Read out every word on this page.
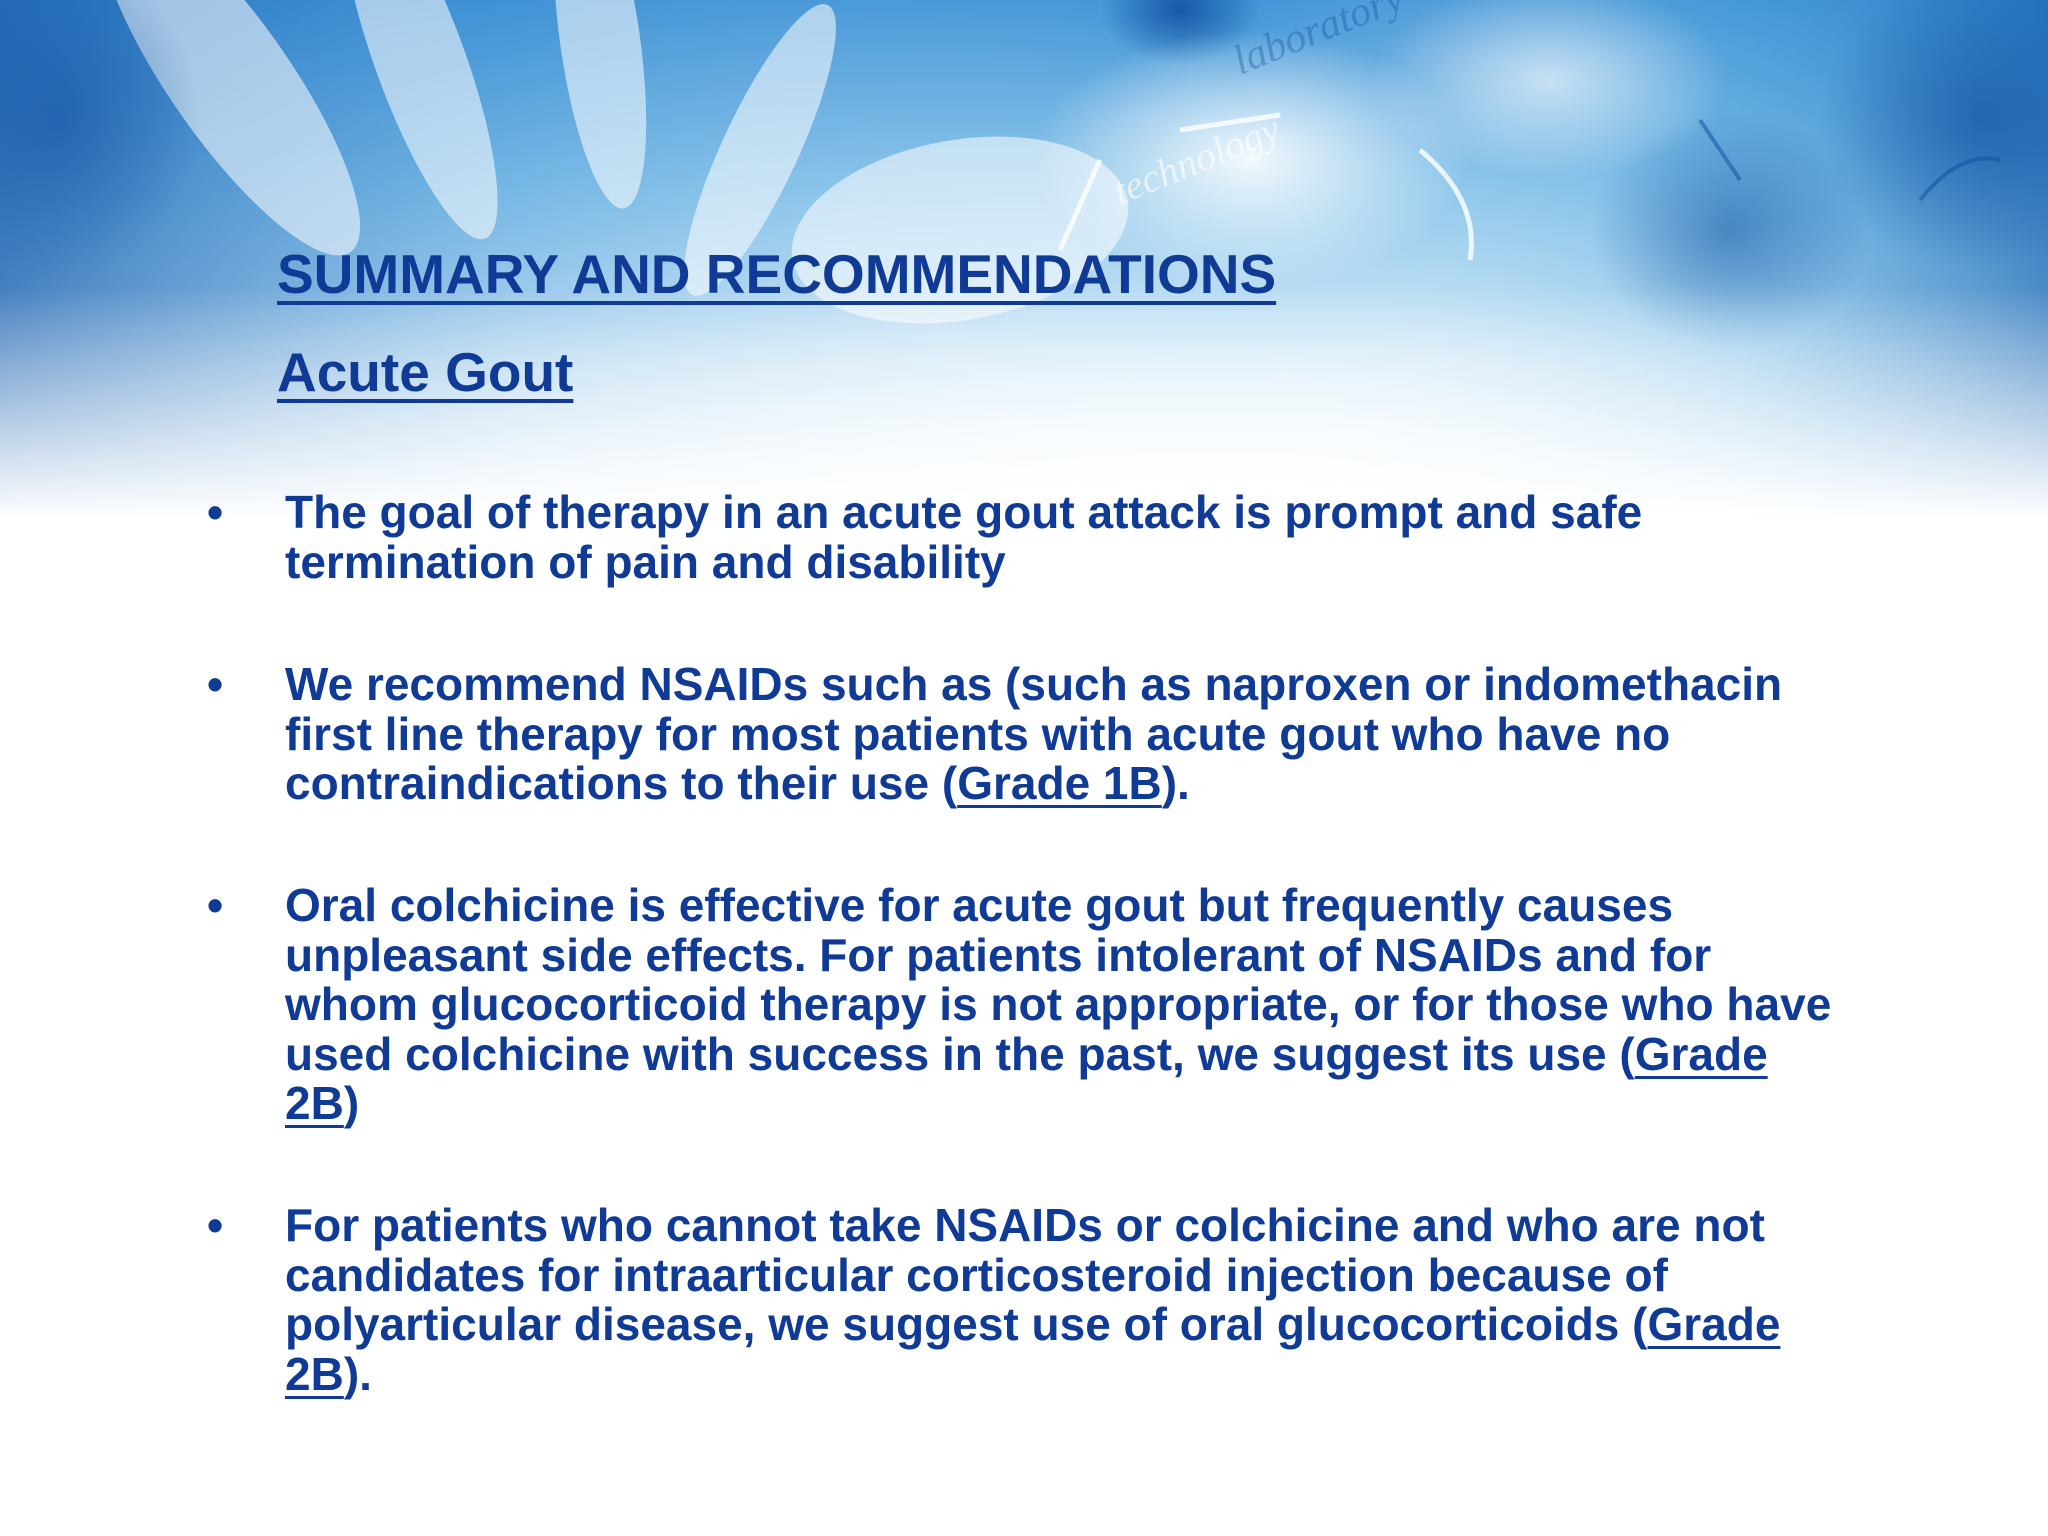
SUMMARY AND RECOMMENDATIONS
Acute Gout
• The goal of therapy in an acute gout attack is prompt and safe termination of pain and disability

• We recommend NSAIDs such as (such as naproxen or indomethacin first line therapy for most patients with acute gout who have no contraindications to their use (Grade 1B).

• Oral colchicine is effective for acute gout but frequently causes unpleasant side effects. For patients intolerant of NSAIDs and for whom glucocorticoid therapy is not appropriate, or for those who have used colchicine with success in the past, we suggest its use (Grade 2B)

• For patients who cannot take NSAIDs or colchicine and who are not candidates for intraarticular corticosteroid injection because of polyarticular disease, we suggest use of oral glucocorticoids (Grade 2B).
